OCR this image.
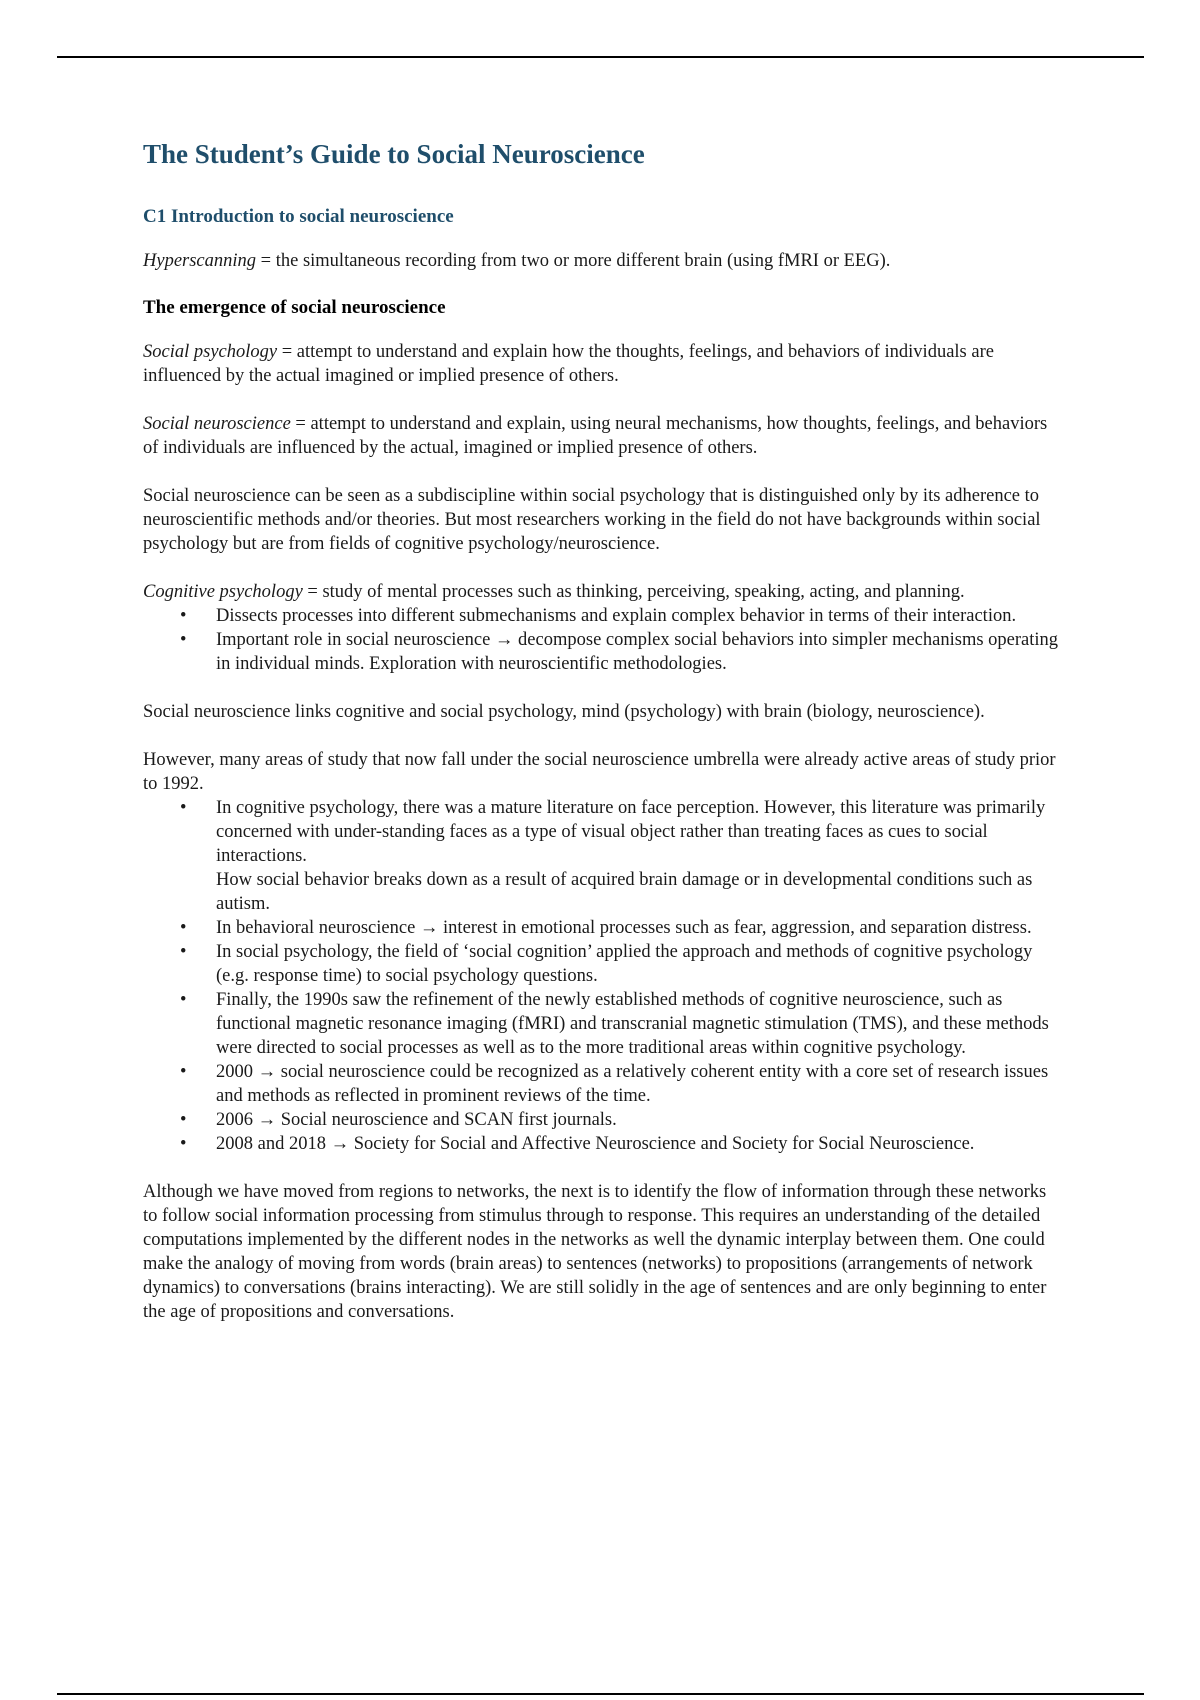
The Student’s Guide to Social Neuroscience
C1 Introduction to social neuroscience

Hyperscanning = the simultaneous recording from two or more different brain (using fMRI or EEG).

The emergence of social neuroscience

Social psychology = attempt to understand and explain how the thoughts, feelings, and behaviors of individuals are influenced by the actual imagined or implied presence of others.

Social neuroscience = attempt to understand and explain, using neural mechanisms, how thoughts, feelings, and behaviors of individuals are influenced by the actual, imagined or implied presence of others.

Social neuroscience can be seen as a subdiscipline within social psychology that is distinguished only by its adherence to neuroscientific methods and/or theories. But most researchers working in the field do not have backgrounds within social psychology but are from fields of cognitive psychology/neuroscience.

Cognitive psychology = study of mental processes such as thinking, perceiving, speaking, acting, and planning.

• Dissects processes into different submechanisms and explain complex behavior in terms of their interaction.
• Important role in social neuroscience → decompose complex social behaviors into simpler mechanisms operating in individual minds. Exploration with neuroscientific methodologies.

Social neuroscience links cognitive and social psychology, mind (psychology) with brain (biology, neuroscience).

However, many areas of study that now fall under the social neuroscience umbrella were already active areas of study prior to 1992.

• In cognitive psychology, there was a mature literature on face perception. However, this literature was primarily concerned with under-standing faces as a type of visual object rather than treating faces as cues to social interactions.
How social behavior breaks down as a result of acquired brain damage or in developmental conditions such as autism.
• In behavioral neuroscience → interest in emotional processes such as fear, aggression, and separation distress.
• In social psychology, the field of ‘social cognition’ applied the approach and methods of cognitive psychology (e.g. response time) to social psychology questions.
• Finally, the 1990s saw the refinement of the newly established methods of cognitive neuroscience, such as functional magnetic resonance imaging (fMRI) and transcranial magnetic stimulation (TMS), and these methods were directed to social processes as well as to the more traditional areas within cognitive psychology.
• 2000 → social neuroscience could be recognized as a relatively coherent entity with a core set of research issues and methods as reflected in prominent reviews of the time.
• 2006 → Social neuroscience and SCAN first journals.
• 2008 and 2018 → Society for Social and Affective Neuroscience and Society for Social Neuroscience.

Although we have moved from regions to networks, the next is to identify the flow of information through these networks to follow social information processing from stimulus through to response. This requires an understanding of the detailed computations implemented by the different nodes in the networks as well the dynamic interplay between them. One could make the analogy of moving from words (brain areas) to sentences (networks) to propositions (arrangements of network dynamics) to conversations (brains interacting). We are still solidly in the age of sentences and are only beginning to enter the age of propositions and conversations.
